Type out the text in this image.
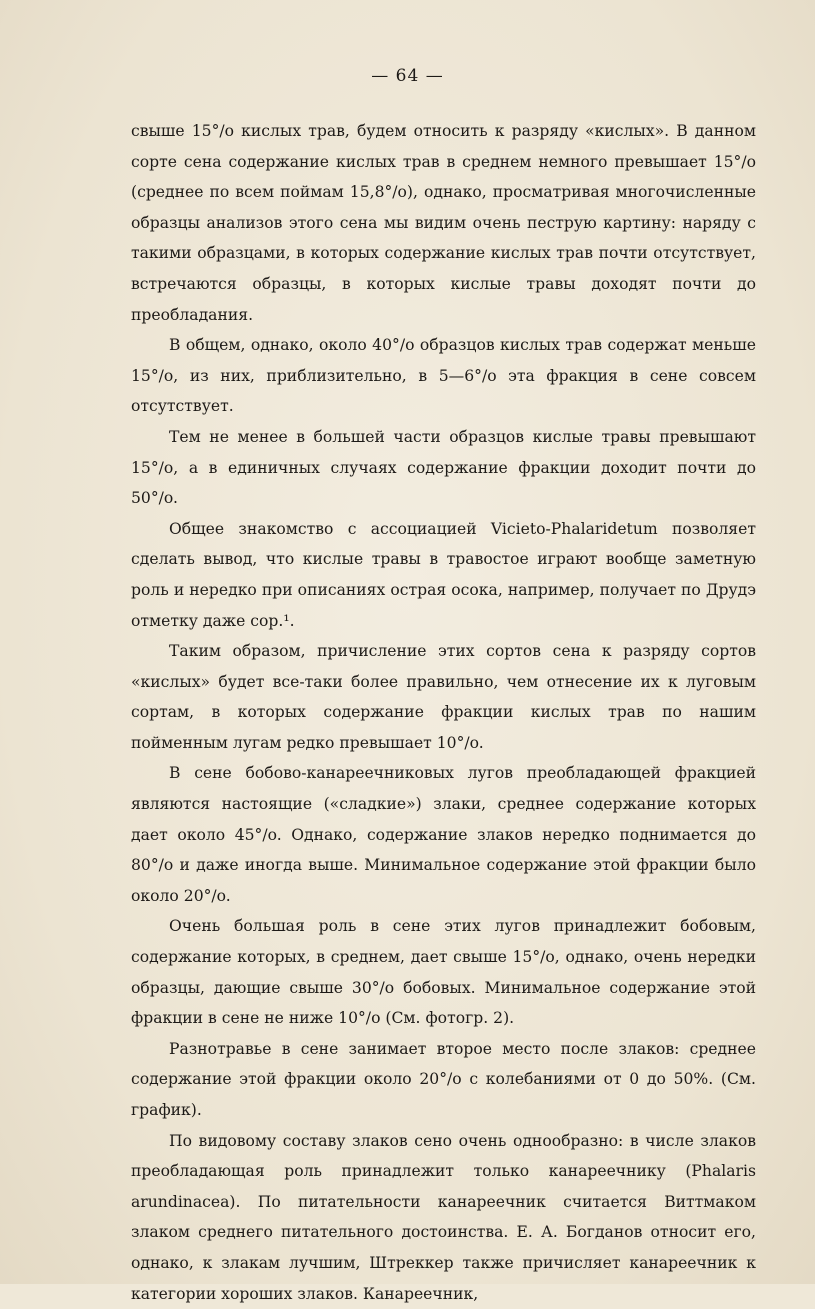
— 64 —

свыше 15°/o кислых трав, будем относить к разряду «кислых». В данном сорте сена содержание кислых трав в среднем немного превышает 15°/o (среднее по всем поймам 15,8°/o), однако, просматривая многочисленные образцы анализов этого сена мы видим очень пеструю картину: наряду с такими образцами, в которых содержание кислых трав почти отсутствует, встречаются образцы, в которых кислые травы доходят почти до преобладания.

В общем, однако, около 40°/o образцов кислых трав содержат меньше 15°/o, из них, приблизительно, в 5—6°/o эта фракция в сене совсем отсутствует.

Тем не менее в большей части образцов кислые травы превышают 15°/o, а в единичных случаях содержание фракции доходит почти до 50°/o.

Общее знакомство с ассоциацией Vicieto-Phalaridetum позволяет сделать вывод, что кислые травы в травостое играют вообще заметную роль и нередко при описаниях острая осока, например, получает по Друдэ отметку даже сор.¹.

Таким образом, причисление этих сортов сена к разряду сортов «кислых» будет все-таки более правильно, чем отнесение их к луговым сортам, в которых содержание фракции кислых трав по нашим пойменным лугам редко превышает 10°/o.

В сене бобово-канареечниковых лугов преобладающей фракцией являются настоящие («сладкие») злаки, среднее содержание которых дает около 45°/o. Однако, содержание злаков нередко поднимается до 80°/o и даже иногда выше. Минимальное содержание этой фракции было около 20°/o.

Очень большая роль в сене этих лугов принадлежит бобовым, содержание которых, в среднем, дает свыше 15°/o, однако, очень нередки образцы, дающие свыше 30°/o бобовых. Минимальное содержание этой фракции в сене не ниже 10°/o (См. фотогр. 2).

Разнотравье в сене занимает второе место после злаков: среднее содержание этой фракции около 20°/o с колебаниями от 0 до 50%. (См. график).

По видовому составу злаков сено очень однообразно: в числе злаков преобладающая роль принадлежит только канареечнику (Phalaris arundinacea). По питательности канареечник считается Виттмаком злаком среднего питательного достоинства. Е. А. Богданов относит его, однако, к злакам лучшим, Штреккер также причисляет канареечник к категории хороших злаков. Канареечник,
